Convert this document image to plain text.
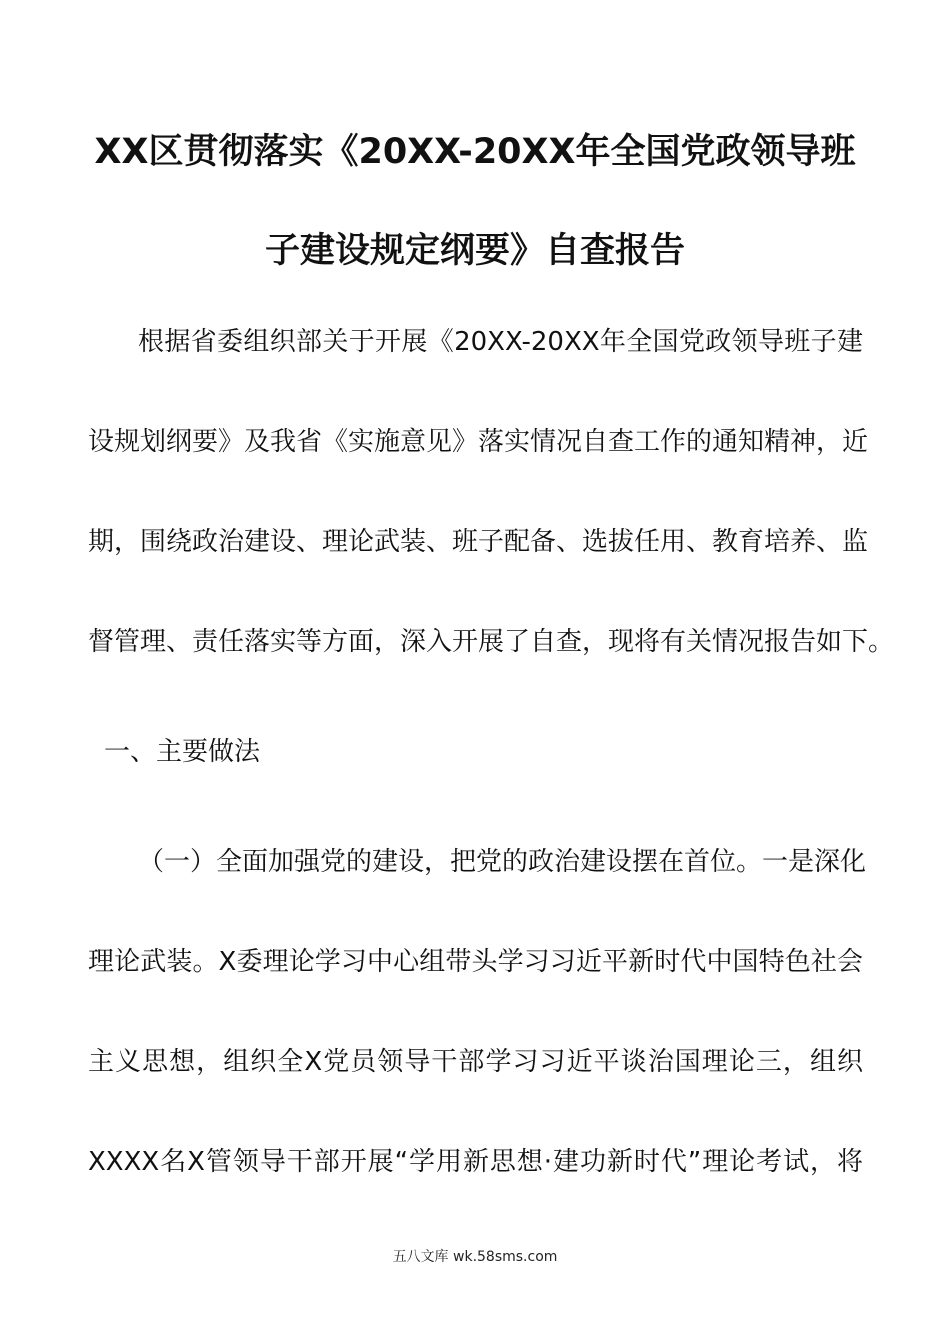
XX区贯彻落实《20XX-20XX年全国党政领导班
子建设规定纲要》自查报告
根据省委组织部关于开展《20XX-20XX年全国党政领导班子建
设规划纲要》及我省《实施意见》落实情况自查工作的通知精神，近
期，围绕政治建设、理论武装、班子配备、选拔任用、教育培养、监
督管理、责任落实等方面，深入开展了自查，现将有关情况报告如下。
一、主要做法
（一）全面加强党的建设，把党的政治建设摆在首位。一是深化
理论武装。X委理论学习中心组带头学习习近平新时代中国特色社会
主义思想，组织全X党员领导干部学习习近平谈治国理论三，组织
XXXX名X管领导干部开展“学用新思想·建功新时代”理论考试，将
五八文库 wk.58sms.com
